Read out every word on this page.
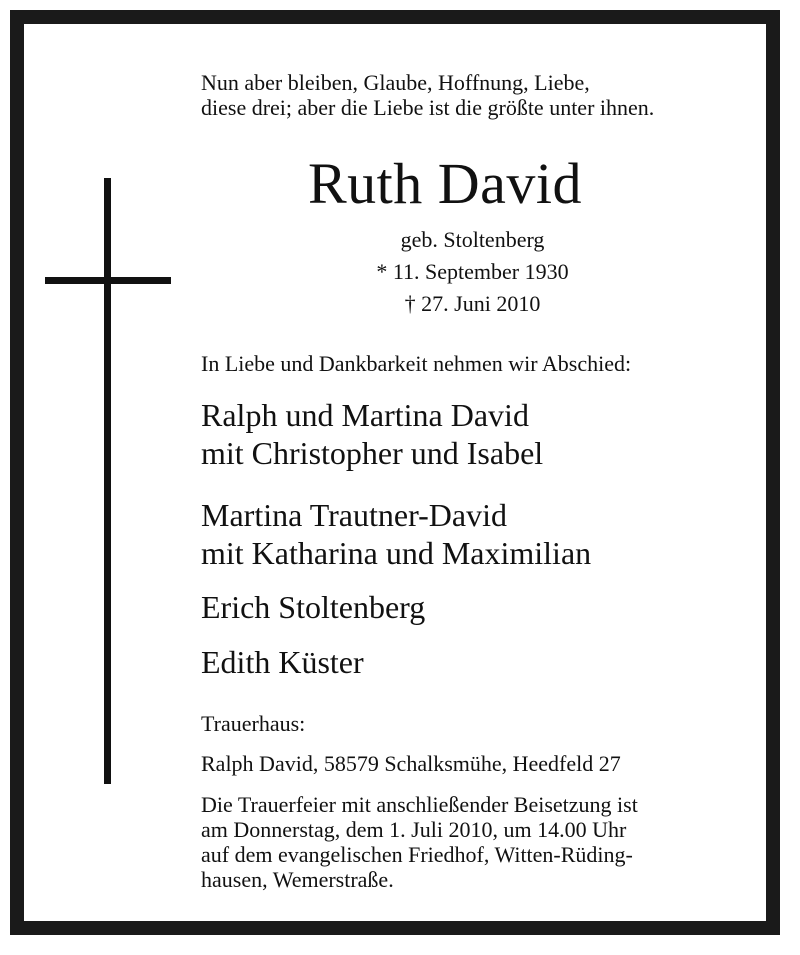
Nun aber bleiben, Glaube, Hoffnung, Liebe,
diese drei; aber die Liebe ist die größte unter ihnen.

Ruth David

geb. Stoltenberg

* 11. September 1930

† 27. Juni 2010

In Liebe und Dankbarkeit nehmen wir Abschied:

Ralph und Martina David
mit Christopher und Isabel

Martina Trautner-David
mit Katharina und Maximilian

Erich Stoltenberg

Edith Küster

Trauerhaus:

Ralph David, 58579 Schalksmühe, Heedfeld 27

Die Trauerfeier mit anschließender Beisetzung ist
am Donnerstag, dem 1. Juli 2010, um 14.00 Uhr
auf dem evangelischen Friedhof, Witten-Rüding-
hausen, Wemerstraße.
